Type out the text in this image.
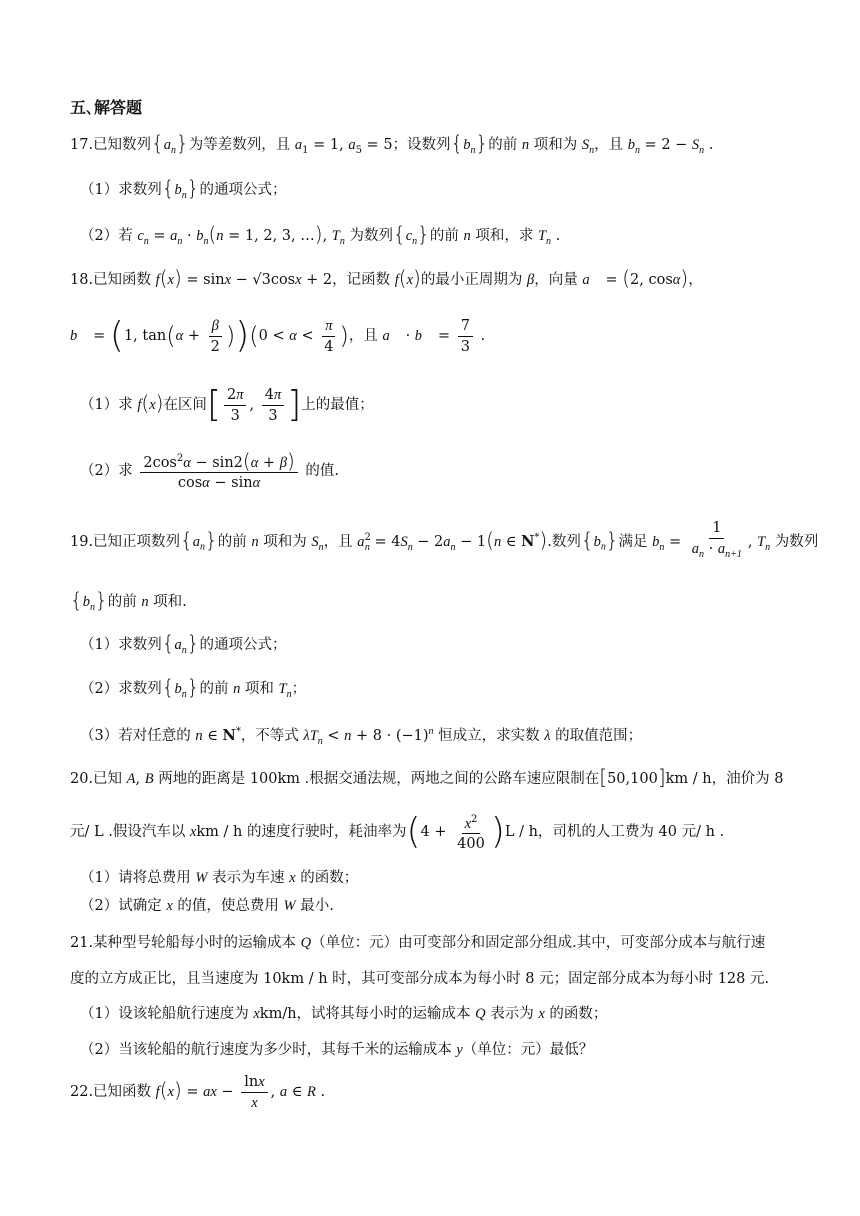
五､解答题
17.已知数列$\{a_n\}$为等差数列，且 $a_1 = 1$, $a_5 = 5$；设数列$\{b_n\}$的前 n 项和为 $S_n$，且 $b_n = 2 - S_n$ .
（1）求数列$\{b_n\}$的通项公式；
（2）若 $c_n = a_n \cdot b_n(n = 1$, 2, 3, …), $T_n$ 为数列$\{c_n\}$的前 n 项和，求 $T_n$ .
18.已知函数 f(x) = sinx − √3cosx + 2，记函数 f(x)的最小正周期为 β，向量 a⃗ = (2, cosα)，
b⃗ = (1, $\tan(\alpha + \frac{\beta}{2} ))(0 < \alpha < \frac{\pi}{4}$ )，且 a⃗ · b⃗ = $\frac{7}{3}$ .
（1）求 f(x)在区间[ $\frac{2\pi}{3}$ , $\frac{4\pi}{3}$ ]上的最值；
（2）求 $\frac{2\cos^2\alpha - \sin 2(\alpha + \beta)}{\cos\alpha - \sin\alpha}$ 的值.
19.已知正项数列$\{a_n\}$的前 n 项和为 $S_n$，且 $a^2_n = 4S_n - 2a_n - 1(n$ ∈ N*).数列$\{b_n\}$满足 $b_n = \frac{1}{a_n \cdot a_{n+1}}$ , $T_n$ 为数列
$\{b_n\}$的前 n 项和.
（1）求数列$\{a_n\}$的通项公式；
（2）求数列$\{b_n\}$的前 n 项和 $T_n$；
（3）若对任意的 n ∈ N*，不等式 $\lambda T_n < n + 8 \cdot (-1)^n$ 恒成立，求实数 λ 的取值范围；
20.已知 A, B 两地的距离是 100km .根据交通法规，两地之间的公路车速应限制在[50,100]km / h，油价为 8
元/ L .假设汽车以 xkm / h 的速度行驶时，耗油率为$(4 + \frac{x^2}{400} )L / h$，司机的人工费为 40 元/ h .
（1）请将总费用 W 表示为车速 x 的函数；
（2）试确定 x 的值，使总费用 W 最小.
21.某种型号轮船每小时的运输成本 Q（单位：元）由可变部分和固定部分组成.其中，可变部分成本与航行速
度的立方成正比，且当速度为 10km / h 时，其可变部分成本为每小时 8 元；固定部分成本为每小时 128 元.
（1）设该轮船航行速度为 xkm/h，试将其每小时的运输成本 Q 表示为 x 的函数；
（2）当该轮船的航行速度为多少时，其每千米的运输成本 y（单位：元）最低？
22.已知函数 f(x) = ax − $\frac{\ln x}{x}$ , a ∈ R .
